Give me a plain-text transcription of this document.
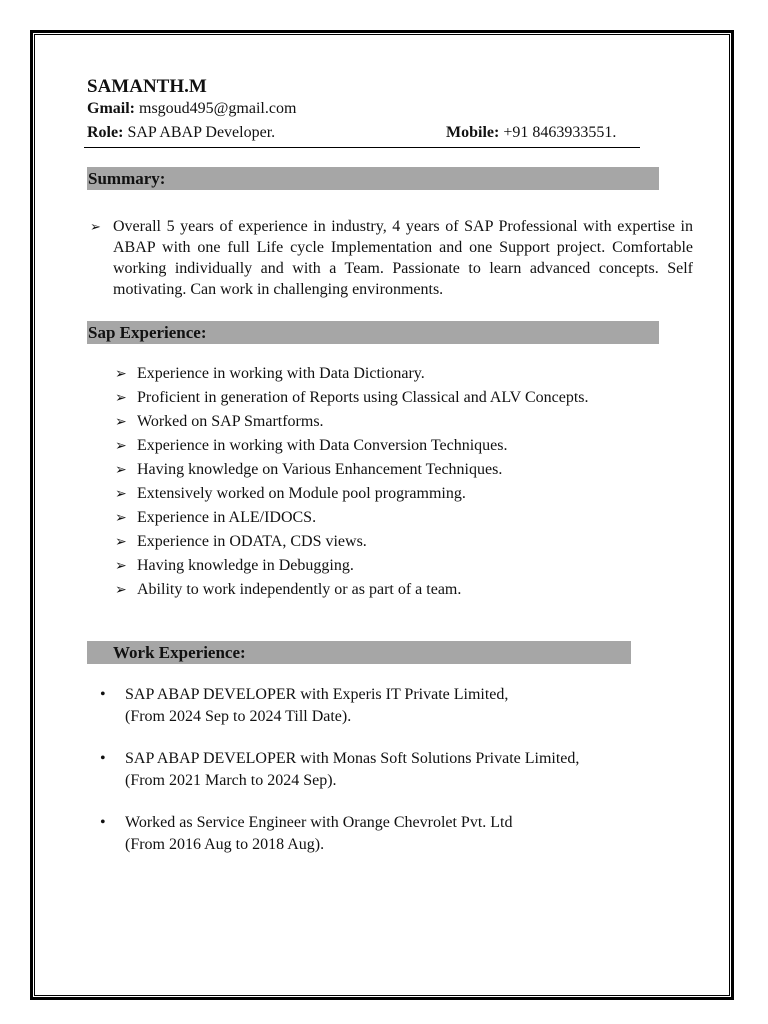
SAMANTH.M
Gmail: msgoud495@gmail.com
Role: SAP ABAP Developer.	Mobile: +91 8463933551.
Summary:
➢ Overall 5 years of experience in industry, 4 years of SAP Professional with expertise in ABAP with one full Life cycle Implementation and one Support project. Comfortable working individually and with a Team. Passionate to learn advanced concepts. Self motivating. Can work in challenging environments.
Sap Experience:
➢ Experience in working with Data Dictionary.
➢ Proficient in generation of Reports using Classical and ALV Concepts.
➢ Worked on SAP Smartforms.
➢ Experience in working with Data Conversion Techniques.
➢ Having knowledge on Various Enhancement Techniques.
➢ Extensively worked on Module pool programming.
➢ Experience in ALE/IDOCS.
➢ Experience in ODATA, CDS views.
➢ Having knowledge in Debugging.
➢ Ability to work independently or as part of a team.
Work Experience:
• SAP ABAP DEVELOPER with Experis IT Private Limited,
(From 2024 Sep to 2024 Till Date).
• SAP ABAP DEVELOPER with Monas Soft Solutions Private Limited,
(From 2021 March to 2024 Sep).
• Worked as Service Engineer with Orange Chevrolet Pvt. Ltd
(From 2016 Aug to 2018 Aug).
